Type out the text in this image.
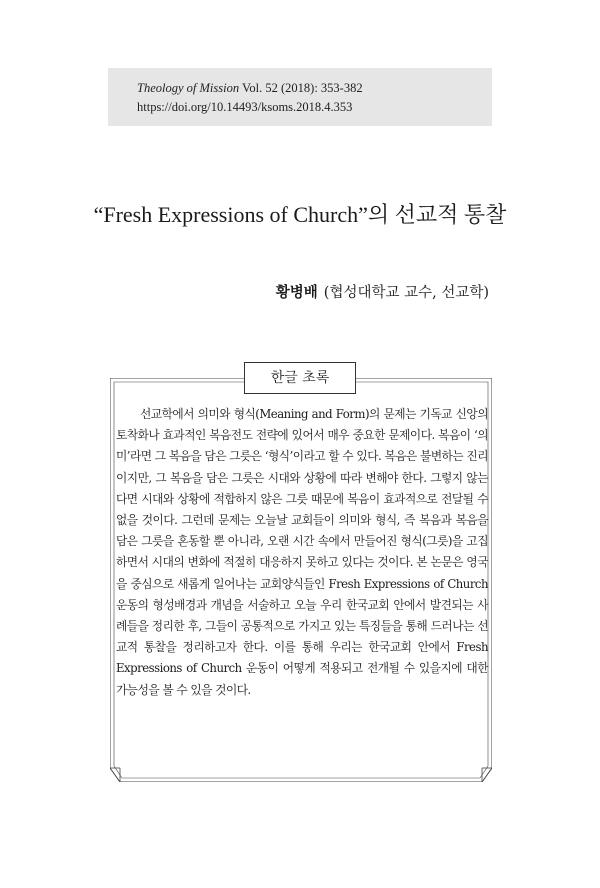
Theology of Mission Vol. 52 (2018): 353-382
https://doi.org/10.14493/ksoms.2018.4.353
“Fresh Expressions of Church”의 선교적 통찰
황병배 (협성대학교 교수, 선교학)
한글 초록

선교학에서 의미와 형식(Meaning and Form)의 문제는 기독교 신앙의 토착화나 효과적인 복음전도 전략에 있어서 매우 중요한 문제이다. 복음이 ‘의미’라면 그 복음을 담은 그릇은 ‘형식’이라고 할 수 있다. 복음은 불변하는 진리이지만, 그 복음을 담은 그릇은 시대와 상황에 따라 변해야 한다. 그렇지 않는다면 시대와 상황에 적합하지 않은 그릇 때문에 복음이 효과적으로 전달될 수 없을 것이다. 그런데 문제는 오늘날 교회들이 의미와 형식, 즉 복음과 복음을 담은 그릇을 혼동할 뿐 아니라, 오랜 시간 속에서 만들어진 형식(그릇)을 고집하면서 시대의 변화에 적절히 대응하지 못하고 있다는 것이다. 본 논문은 영국을 중심으로 새롭게 일어나는 교회양식들인 Fresh Expressions of Church 운동의 형성배경과 개념을 서술하고 오늘 우리 한국교회 안에서 발견되는 사례들을 정리한 후, 그들이 공통적으로 가지고 있는 특징들을 통해 드러나는 선교적 통찰을 정리하고자 한다. 이를 통해 우리는 한국교회 안에서 Fresh Expressions of Church 운동이 어떻게 적용되고 전개될 수 있을지에 대한 가능성을 볼 수 있을 것이다.
